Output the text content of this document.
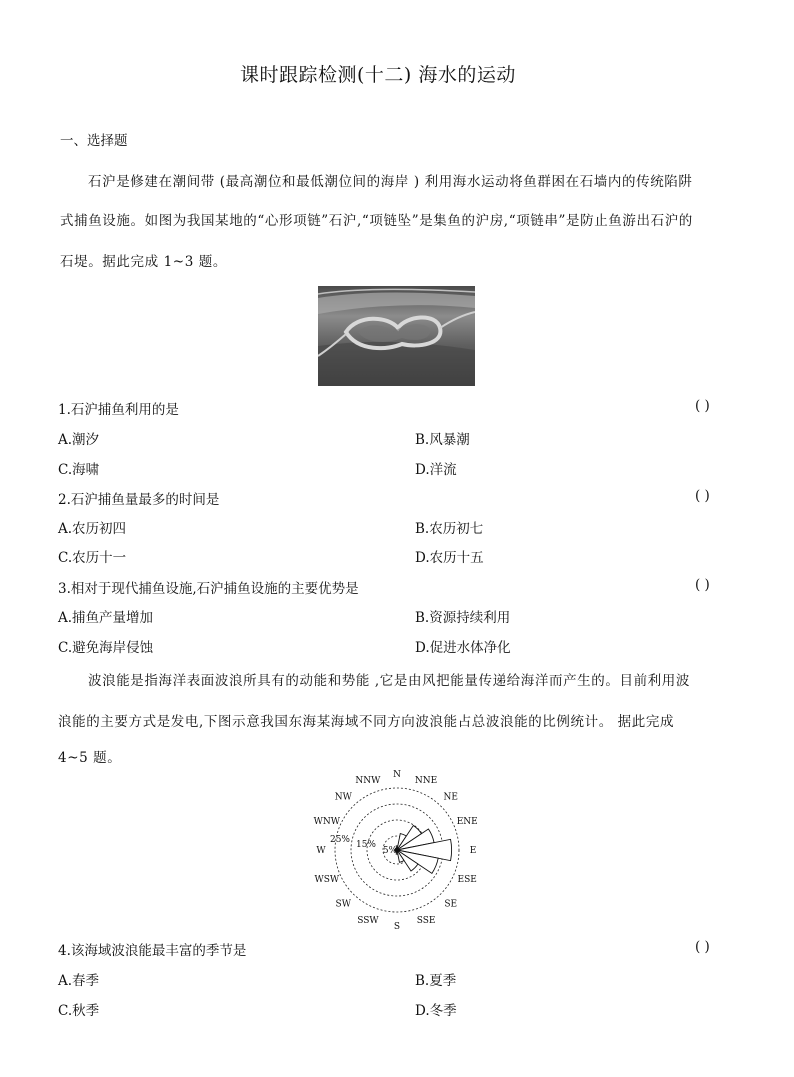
课时跟踪检测(十二) 海水的运动
一、选择题
石沪是修建在潮间带 (最高潮位和最低潮位间的海岸 ) 利用海水运动将鱼群困在石墙内的传统陷阱
式捕鱼设施。如图为我国某地的“心形项链”石沪,“项链坠”是集鱼的沪房,“项链串”是防止鱼游出石沪的
石堤。据此完成 1~3 题。
1.石沪捕鱼利用的是	( )
A.潮汐	B.风暴潮
C.海啸	D.洋流
2.石沪捕鱼量最多的时间是	( )
A.农历初四	B.农历初七
C.农历十一	D.农历十五
3.相对于现代捕鱼设施,石沪捕鱼设施的主要优势是	( )
A.捕鱼产量增加	B.资源持续利用
C.避免海岸侵蚀	D.促进水体净化
波浪能是指海洋表面波浪所具有的动能和势能 ,它是由风把能量传递给海洋而产生的。目前利用波
浪能的主要方式是发电,下图示意我国东海某海域不同方向波浪能占总波浪能的比例统计。 据此完成
4~5 题。
N
NNE
NE
ENE
E
ESE
SE
SSE
S
SSW
SW
WSW
W
WNW
NW
NNW
5%
15%
25%
4.该海域波浪能最丰富的季节是	( )
A.春季	B.夏季
C.秋季	D.冬季
